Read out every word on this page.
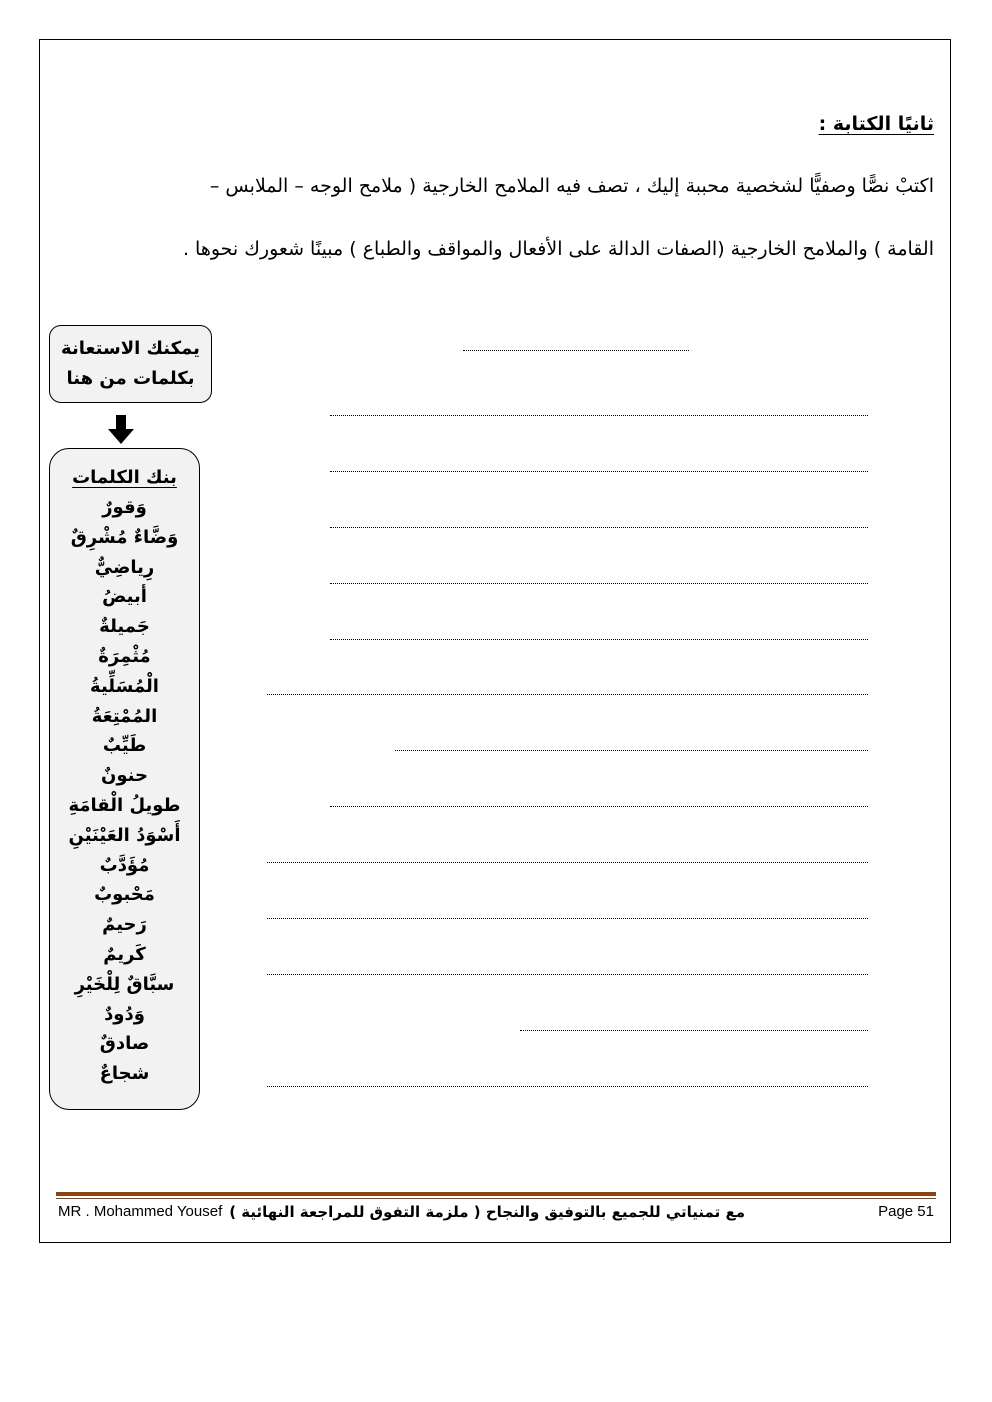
ثانيًا الكتابة :
اكتبْ نصًّا وصفيًّا لشخصية محببة إليك ، تصف فيه الملامح الخارجية ( ملامح الوجه – الملابس –
القامة ) والملامح الخارجية (الصفات الدالة على الأفعال والمواقف والطباع ) مبينًا شعورك نحوها .
يمكنك الاستعانة
بكلمات من هنا
بنك الكلمات
وَقورٌ
وَضَّاءٌ مُشْرِقٌ
رِياضِيٌّ
أبيضُ
جَميلةٌ
مُثْمِرَةٌ
الْمُسَلِّيةُ
المُمْتِعَةُ
طَيِّبٌ
حنونٌ
طويلُ الْقامَةِ
أَسْوَدُ العَيْنَيْنِ
مُؤَدَّبٌ
مَحْبوبٌ
رَحيمٌ
كَريمٌ
سبَّاقٌ لِلْخَيْرِ
وَدُودٌ
صادقٌ
شجاعٌ
MR . Mohammed Yousef مع تمنياتي للجميع بالتوفيق والنجاح ( ملزمة التفوق للمراجعة النهائية )	Page 51
